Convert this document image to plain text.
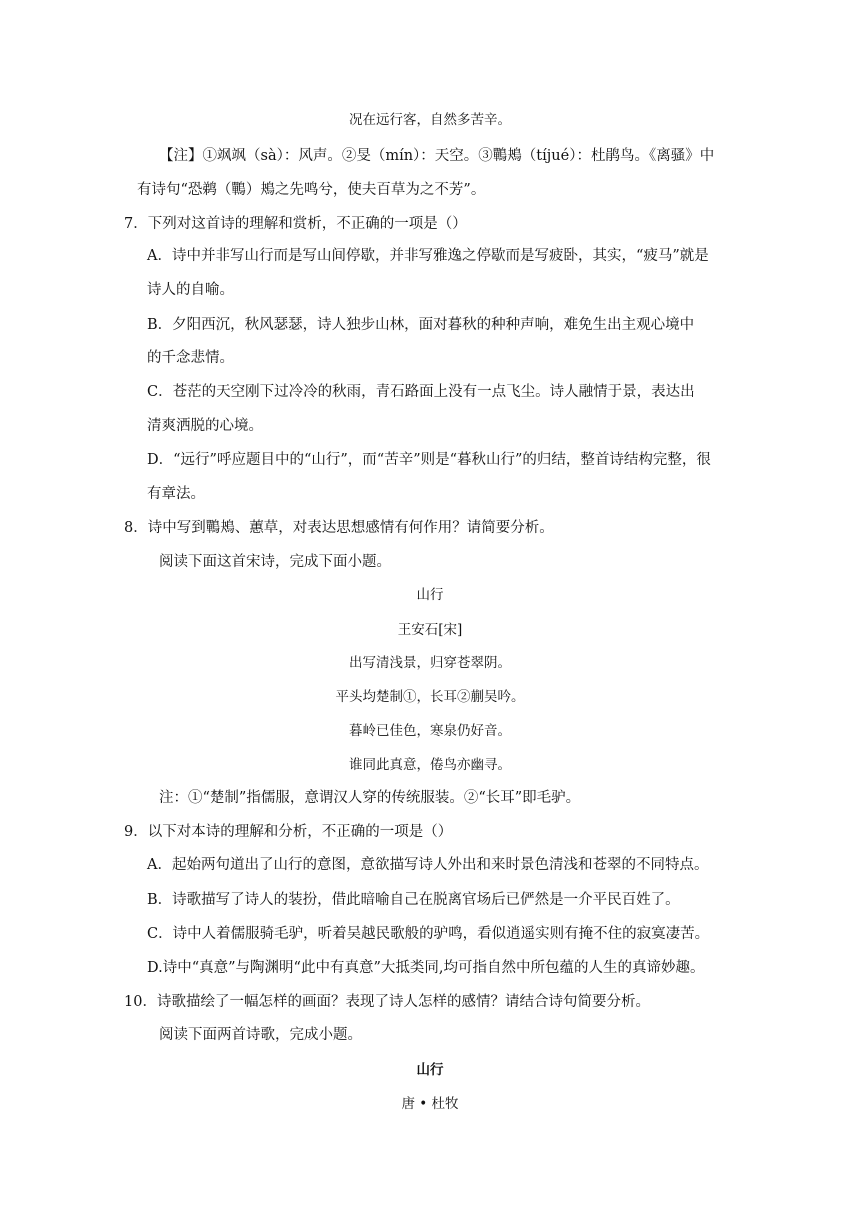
况在远行客，自然多苦辛。
【注】①飒飒（sà）：风声。②旻（mín）：天空。③鷤鴂（tíjué）：杜鹃鸟。《离骚》中
有诗句“恐鹈（鷤）鴂之先鸣兮，使夫百草为之不芳”。
7．下列对这首诗的理解和赏析，不正确的一项是（）
A．诗中并非写山行而是写山间停歇，并非写雅逸之停歇而是写疲卧，其实，“疲马”就是
诗人的自喻。
B．夕阳西沉，秋风瑟瑟，诗人独步山林，面对暮秋的种种声响，难免生出主观心境中
的千念悲情。
C．苍茫的天空刚下过冷冷的秋雨，青石路面上没有一点飞尘。诗人融情于景，表达出
清爽洒脱的心境。
D．“远行”呼应题目中的“山行”，而“苦辛”则是“暮秋山行”的归结，整首诗结构完整，很
有章法。
8．诗中写到鷤鴂、蕙草，对表达思想感情有何作用？请简要分析。
阅读下面这首宋诗，完成下面小题。
山行
王安石[宋]
出写清浅景，归穿苍翠阴。
平头均楚制①，长耳②蒯吴吟。
暮岭已佳色，寒泉仍好音。
谁同此真意，倦鸟亦幽寻。
注：①“楚制”指儒服，意谓汉人穿的传统服装。②“长耳”即毛驴。
9．以下对本诗的理解和分析，不正确的一项是（）
A．起始两句道出了山行的意图，意欲描写诗人外出和来时景色清浅和苍翠的不同特点。
B．诗歌描写了诗人的装扮，借此暗喻自己在脱离官场后已俨然是一介平民百姓了。
C．诗中人着儒服骑毛驴，听着吴越民歌般的驴鸣，看似逍遥实则有掩不住的寂寞凄苦。
D.诗中“真意”与陶渊明“此中有真意”大抵类同,均可指自然中所包蕴的人生的真谛妙趣。
10．诗歌描绘了一幅怎样的画面？表现了诗人怎样的感情？请结合诗句简要分析。
阅读下面两首诗歌，完成小题。
山行
唐 • 杜牧
